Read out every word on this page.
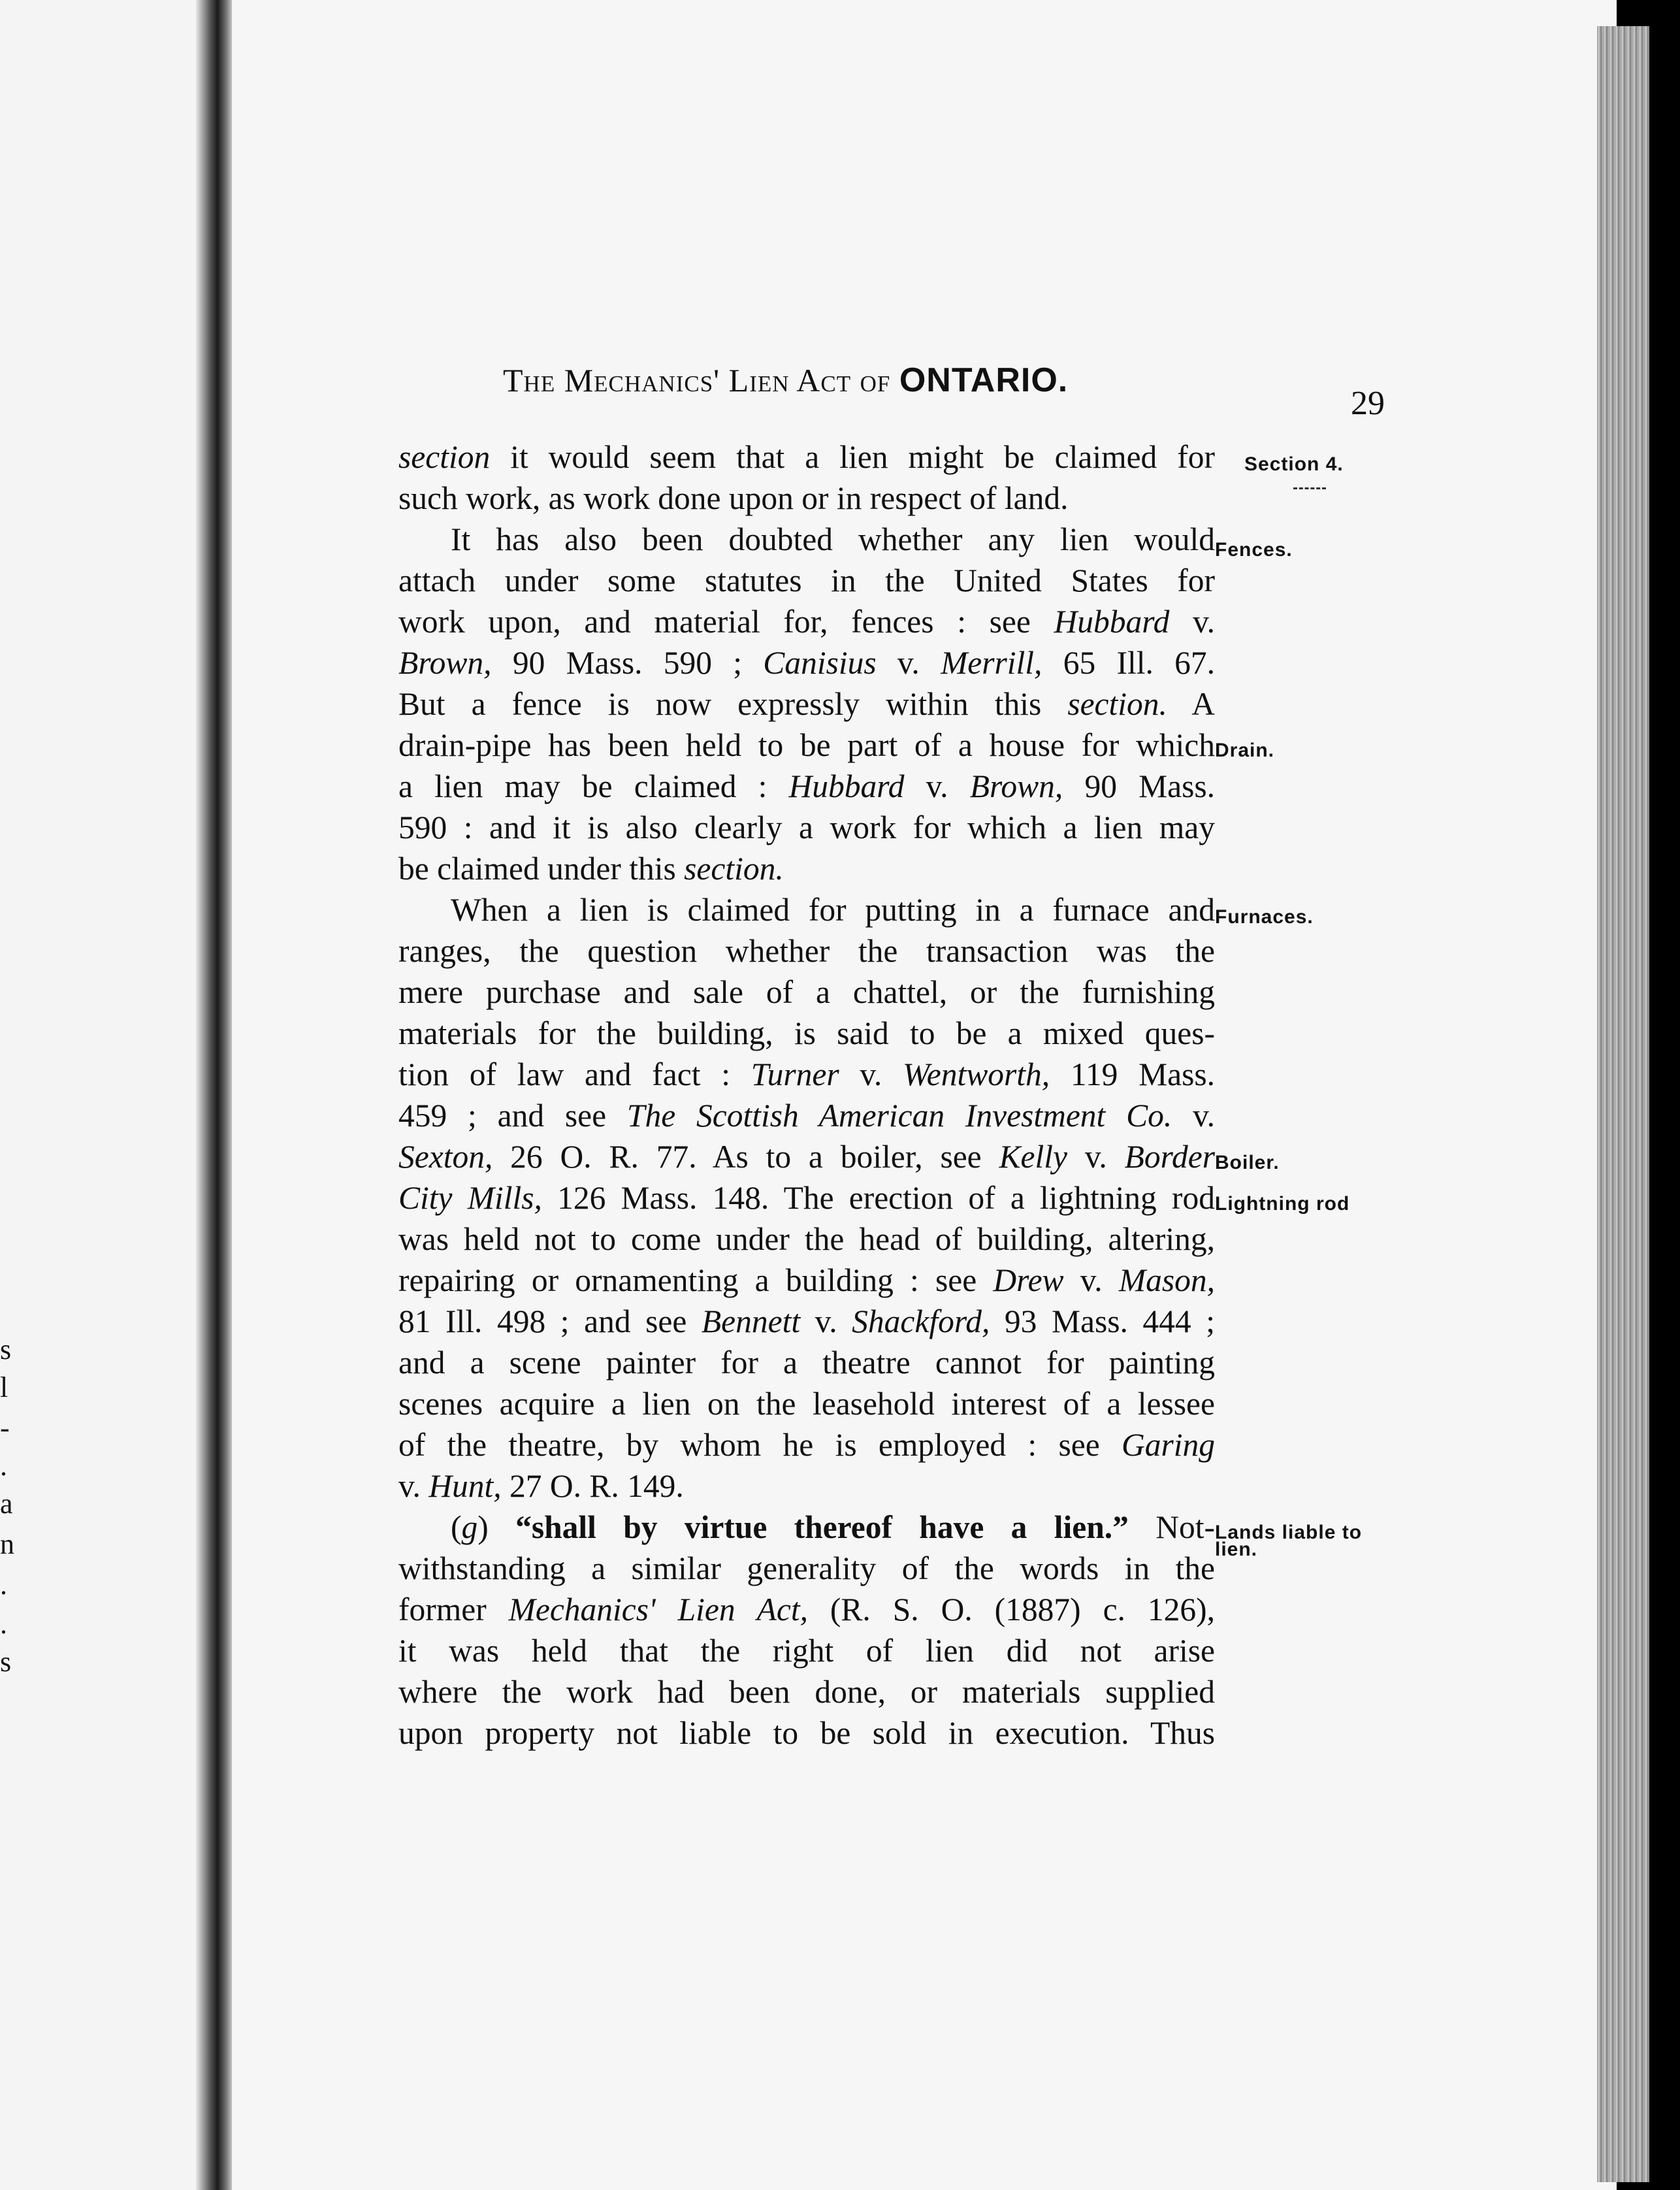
s
l
-
.
a
n
.
.
s
The Mechanics' Lien Act of ONTARIO.
29
section it would seem that a lien might be claimed for
such work, as work done upon or in respect of land.
It has also been doubted whether any lien would
attach under some statutes in the United States for
work upon, and material for, fences : see Hubbard v.
Brown, 90 Mass. 590 ; Canisius v. Merrill, 65 Ill. 67.
But a fence is now expressly within this section. A
drain-pipe has been held to be part of a house for which
a lien may be claimed : Hubbard v. Brown, 90 Mass.
590 : and it is also clearly a work for which a lien may
be claimed under this section.
When a lien is claimed for putting in a furnace and
ranges, the question whether the transaction was the
mere purchase and sale of a chattel, or the furnishing
materials for the building, is said to be a mixed ques-
tion of law and fact : Turner v. Wentworth, 119 Mass.
459 ; and see The Scottish American Investment Co. v.
Sexton, 26 O. R. 77. As to a boiler, see Kelly v. Border
City Mills, 126 Mass. 148. The erection of a lightning rod
was held not to come under the head of building, altering,
repairing or ornamenting a building : see Drew v. Mason,
81 Ill. 498 ; and see Bennett v. Shackford, 93 Mass. 444 ;
and a scene painter for a theatre cannot for painting
scenes acquire a lien on the leasehold interest of a lessee
of the theatre, by whom he is employed : see Garing
v. Hunt, 27 O. R. 149.
(g) “shall by virtue thereof have a lien.” Not-
withstanding a similar generality of the words in the
former Mechanics' Lien Act, (R. S. O. (1887) c. 126),
it was held that the right of lien did not arise
where the work had been done, or materials supplied
upon property not liable to be sold in execution. Thus
Section 4.
Fences.
Drain.
Furnaces.
Boiler.
Lightning rod
Lands liable to
lien.
